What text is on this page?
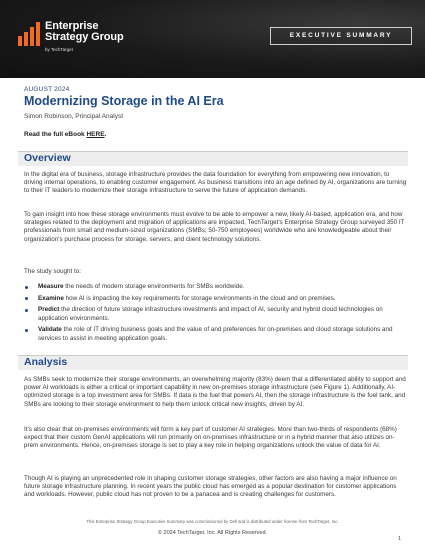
Enterprise
Strategy Group
by TechTarget
EXECUTIVE SUMMARY
AUGUST 2024
Modernizing Storage in the AI Era
Simon Robinson, Principal Analyst
Read the full eBook HERE.
Overview

In the digital era of business, storage infrastructure provides the data foundation for everything from empowering new innovation, to driving internal operations, to enabling customer engagement. As business transitions into an age defined by AI, organizations are turning to their IT leaders to modernize their storage infrastructure to serve the future of application demands.

To gain insight into how these storage environments must evolve to be able to empower a new, likely AI-based, application era, and how strategies related to the deployment and migration of applications are impacted, TechTarget's Enterprise Strategy Group surveyed 350 IT professionals from small and medium-sized organizations (SMBs; 50-750 employees) worldwide who are knowledgeable about their organization's purchase process for storage, servers, and client technology solutions.

The study sought to:

Measure the needs of modern storage environments for SMBs worldwide.
Examine how AI is impacting the key requirements for storage environments in the cloud and on premises.
Predict the direction of future storage infrastructure investments and impact of AI, security and hybrid cloud technologies on application environments.
Validate the role of IT driving business goals and the value of and preferences for on-premises and cloud storage solutions and services to assist in meeting application goals.
Analysis

As SMBs seek to modernize their storage environments, an overwhelming majority (83%) deem that a differentiated ability to support and power AI workloads is either a critical or important capability in new on-premises storage infrastructure (see Figure 1). Additionally, AI-optimized storage is a top investment area for SMBs. If data is the fuel that powers AI, then the storage infrastructure is the fuel tank, and SMBs are looking to their storage environment to help them unlock critical new insights, driven by AI.

It's also clear that on-premises environments will form a key part of customer AI strategies. More than two-thirds of respondents (68%) expect that their custom GenAI applications will run primarily on on-premises infrastructure or in a hybrid manner that also utilizes on-prem environments. Hence, on-premises storage is set to play a key role in helping organizations unlock the value of data for AI.

Though AI is playing an unprecedented role in shaping customer storage strategies, other factors are also having a major influence on future storage infrastructure planning. In recent years the public cloud has emerged as a popular destination for customer applications and workloads. However, public cloud has not proven to be a panacea and is creating challenges for customers.

This Enterprise Strategy Group Executive Summary was commissioned by Dell and is distributed under license from TechTarget, Inc.
© 2024 TechTarget, Inc. All Rights Reserved.
1
